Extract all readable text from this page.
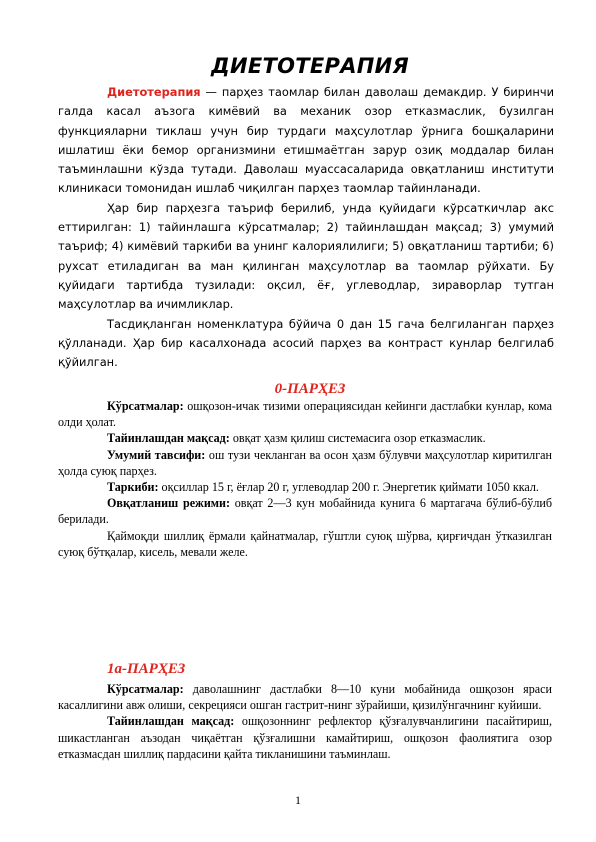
ДИЕТОТЕРАПИЯ

Диетотерапия — парҳез таомлар билан даволаш демакдир. У биринчи галда касал аъзога кимёвий ва механик озор етказмаслик, бузилган функцияларни тиклаш учун бир турдаги маҳсулотлар ўрнига бошқаларини ишлатиш ёки бемор организмини етишмаётган зарур озиқ моддалар билан таъминлашни кўзда тутади. Даволаш муассасаларида овқатланиш институти клиникаси томонидан ишлаб чиқилган парҳез таомлар тайинланади.

Ҳар бир парҳезга таъриф берилиб, унда қуйидаги кўрсаткичлар акс еттирилган: 1) тайинлашга кўрсатмалар; 2) тайинлашдан мақсад; 3) умумий таъриф; 4) кимёвий таркиби ва унинг калориялилиги; 5) овқатланиш тартиби; 6) рухсат етиладиган ва ман қилинган маҳсулотлар ва таомлар рўйхати. Бу қуйидаги тартибда тузилади: оқсил, ёғ, углеводлар, зираворлар тутган маҳсулотлар ва ичимликлар.

Тасдиқланган номенклатура бўйича 0 дан 15 гача белгиланган парҳез қўлланади. Ҳар бир касалхонада асосий парҳез ва контраст кунлар белгилаб қўйилган.

0-ПАРҲЕЗ

Кўрсатмалар: ошқозон-ичак тизими операциясидан кейинги дастлабки кунлар, кома олди ҳолат.

Тайинлашдан мақсад: овқат ҳазм қилиш системасига озор етказмаслик.

Умумий тавсифи: ош тузи чекланган ва осон ҳазм бўлувчи маҳсулотлар киритилган ҳолда суюқ парҳез.

Таркиби: оқсиллар 15 г, ёғлар 20 г, углеводлар 200 г. Энергетик қиймати 1050 ккал.

Овқатланиш режими: овқат 2—3 кун мобайнида кунига 6 мартагача бўлиб-бўлиб берилади.

Қаймоқди шиллиқ ёрмали қайнатмалар, гўштли суюқ шўрва, қирғичдан ўтказилган суюқ бўтқалар, кисель, мевали желе.

1а-ПАРҲЕЗ

Кўрсатмалар: даволашнинг дастлабки 8—10 куни мобайнида ошқозон яраси касаллигини авж олиши, секрецияси ошган гастрит-нинг зўрайиши, қизилўнгачнинг куйиши.

Тайинлашдан мақсад: ошқозоннинг рефлектор қўзғалувчанлигини пасайтириш, шикастланган аъзодан чиқаётган қўзғалишни камайтириш, ошқозон фаолиятига озор етказмасдан шиллиқ пардасини қайта тикланишини таъминлаш.

1
